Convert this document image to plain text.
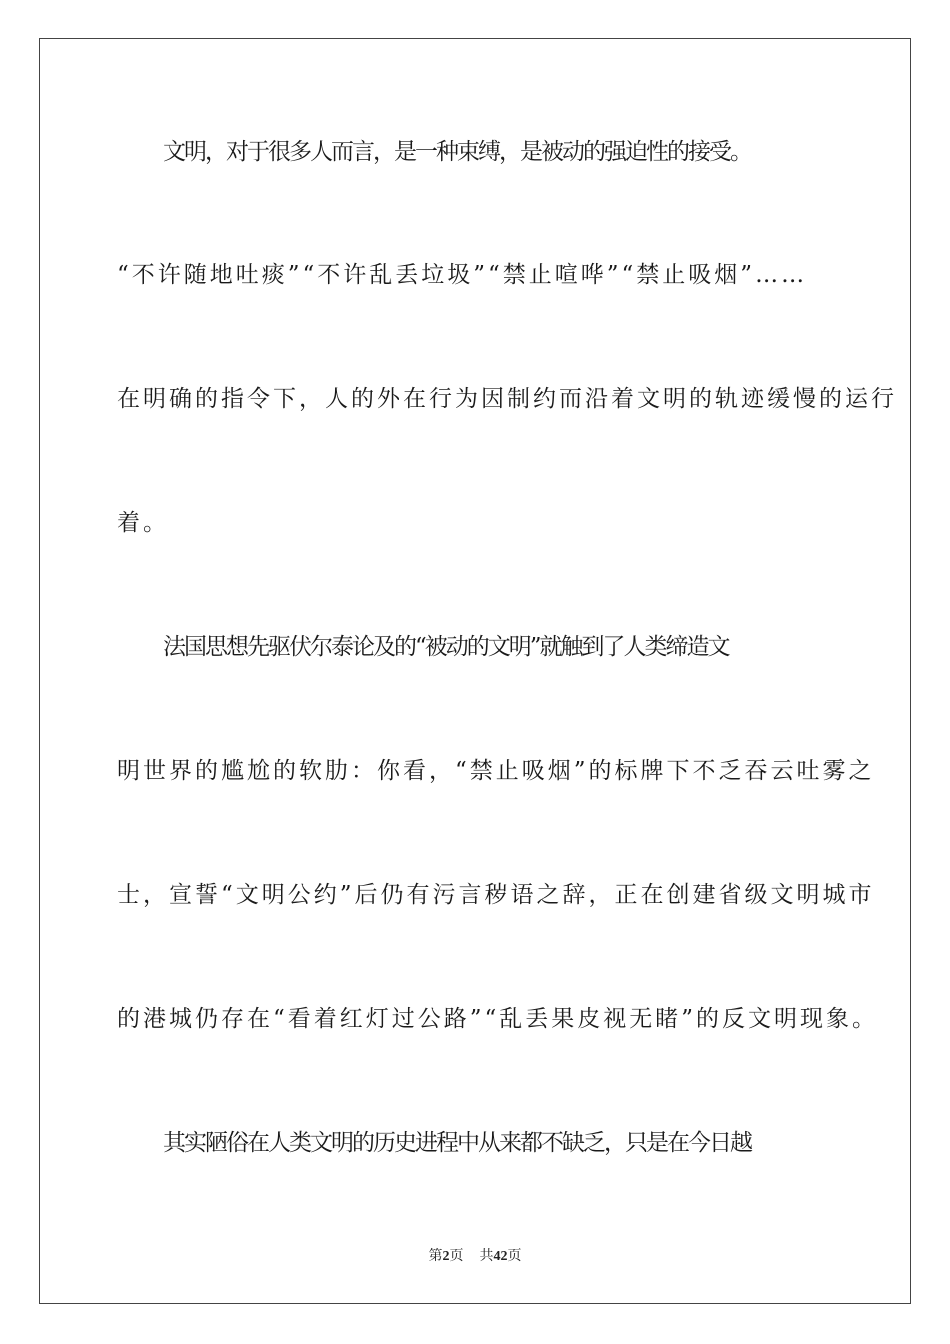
文明，对于很多人而言，是一种束缚，是被动的强迫性的接受。
“不许随地吐痰”“不许乱丢垃圾”“禁止喧哗”“禁止吸烟”……
在明确的指令下，人的外在行为因制约而沿着文明的轨迹缓慢的运行
着。
法国思想先驱伏尔泰论及的“被动的文明”就触到了人类缔造文
明世界的尴尬的软肋：你看，“禁止吸烟”的标牌下不乏吞云吐雾之
士，宣誓“文明公约”后仍有污言秽语之辞，正在创建省级文明城市
的港城仍存在“看着红灯过公路”“乱丢果皮视无睹”的反文明现象。
其实陋俗在人类文明的历史进程中从来都不缺乏，只是在今日越
第2页 共42页
